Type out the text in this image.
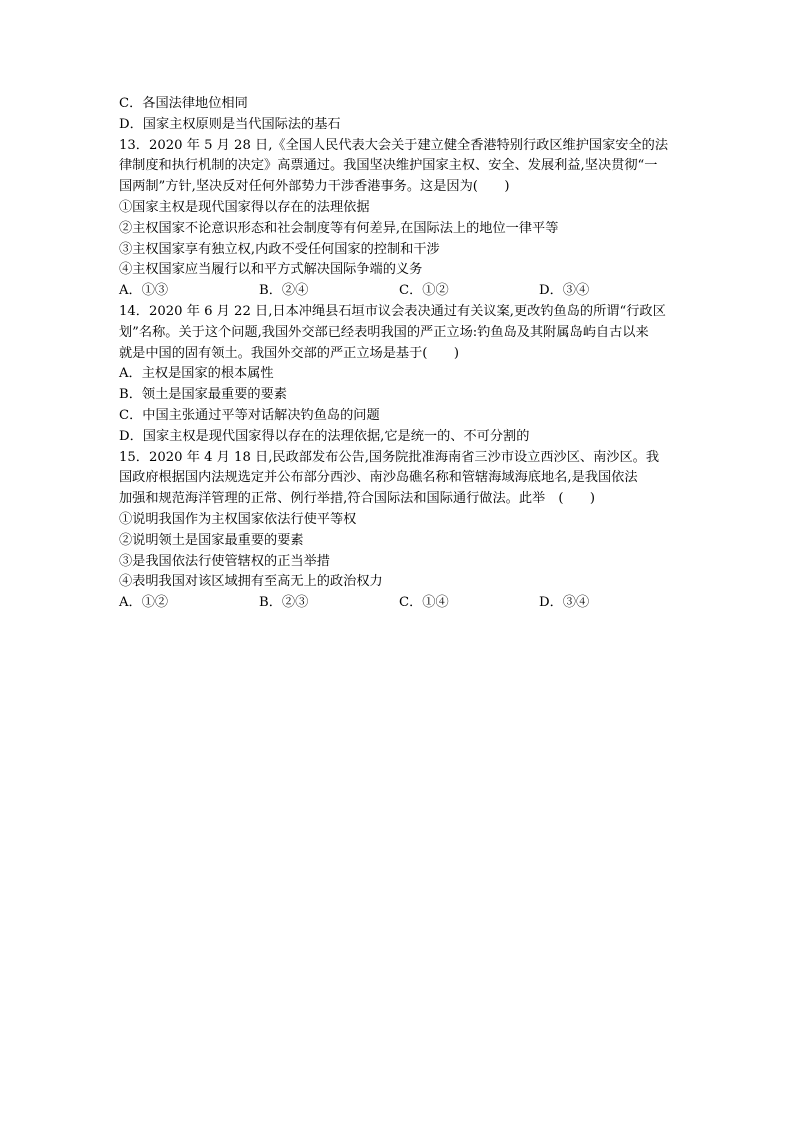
C．各国法律地位相同
D．国家主权原则是当代国际法的基石
13．2020 年 5 月 28 日,《全国人民代表大会关于建立健全香港特别行政区维护国家安全的法
律制度和执行机制的决定》高票通过。我国坚决维护国家主权、安全、发展利益,坚决贯彻“一
国两制”方针,坚决反对任何外部势力干涉香港事务。这是因为(　　)
①国家主权是现代国家得以存在的法理依据
②主权国家不论意识形态和社会制度等有何差异,在国际法上的地位一律平等
③主权国家享有独立权,内政不受任何国家的控制和干涉
④主权国家应当履行以和平方式解决国际争端的义务
A．①③	B．②④	C．①②	D．③④
14．2020 年 6 月 22 日,日本冲绳县石垣市议会表决通过有关议案,更改钓鱼岛的所谓“行政区
划”名称。关于这个问题,我国外交部已经表明我国的严正立场:钓鱼岛及其附属岛屿自古以来
就是中国的固有领土。我国外交部的严正立场是基于(　　)
A．主权是国家的根本属性
B．领土是国家最重要的要素
C．中国主张通过平等对话解决钓鱼岛的问题
D．国家主权是现代国家得以存在的法理依据,它是统一的、不可分割的
15．2020 年 4 月 18 日,民政部发布公告,国务院批准海南省三沙市设立西沙区、南沙区。我
国政府根据国内法规选定并公布部分西沙、南沙岛礁名称和管辖海域海底地名,是我国依法
加强和规范海洋管理的正常、例行举措,符合国际法和国际通行做法。此举　(　　)
①说明我国作为主权国家依法行使平等权
②说明领土是国家最重要的要素
③是我国依法行使管辖权的正当举措
④表明我国对该区域拥有至高无上的政治权力
A．①②	B．②③	C．①④	D．③④
